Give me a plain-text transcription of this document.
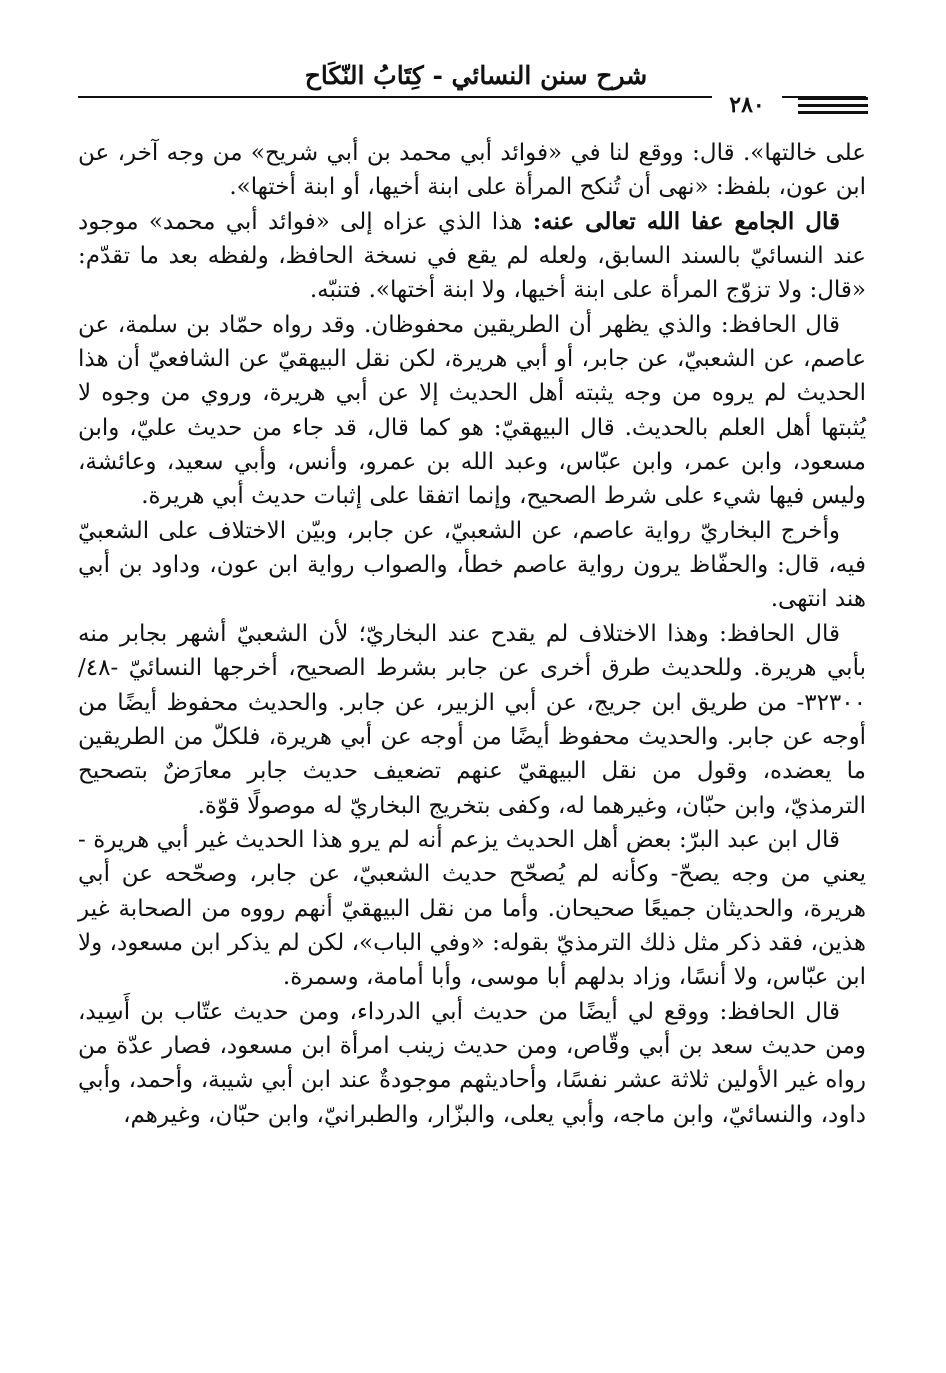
شرح سنن النسائي - كِتَابُ النّكَاح
٢٨٠

على خالتها». قال: ووقع لنا في «فوائد أبي محمد بن أبي شريح» من وجه آخر، عن ابن عون، بلفظ: «نهى أن تُنكح المرأة على ابنة أخيها، أو ابنة أختها».

قال الجامع عفا الله تعالى عنه: هذا الذي عزاه إلى «فوائد أبي محمد» موجود عند النسائيّ بالسند السابق، ولعله لم يقع في نسخة الحافظ، ولفظه بعد ما تقدّم: «قال: ولا تزوّج المرأة على ابنة أخيها، ولا ابنة أختها». فتنبّه.

قال الحافظ: والذي يظهر أن الطريقين محفوظان. وقد رواه حمّاد بن سلمة، عن عاصم، عن الشعبيّ، عن جابر، أو أبي هريرة، لكن نقل البيهقيّ عن الشافعيّ أن هذا الحديث لم يروه من وجه يثبته أهل الحديث إلا عن أبي هريرة، وروي من وجوه لا يُثبتها أهل العلم بالحديث. قال البيهقيّ: هو كما قال، قد جاء من حديث عليّ، وابن مسعود، وابن عمر، وابن عبّاس، وعبد الله بن عمرو، وأنس، وأبي سعيد، وعائشة، وليس فيها شيء على شرط الصحيح، وإنما اتفقا على إثبات حديث أبي هريرة.

وأخرج البخاريّ رواية عاصم، عن الشعبيّ، عن جابر، وبيّن الاختلاف على الشعبيّ فيه، قال: والحفّاظ يرون رواية عاصم خطأ، والصواب رواية ابن عون، وداود بن أبي هند انتهى.

قال الحافظ: وهذا الاختلاف لم يقدح عند البخاريّ؛ لأن الشعبيّ أشهر بجابر منه بأبي هريرة. وللحديث طرق أخرى عن جابر بشرط الصحيح، أخرجها النسائيّ -٤٨/ ٣٢٣٠٠- من طريق ابن جريج، عن أبي الزبير، عن جابر. والحديث محفوظ أيضًا من أوجه عن جابر. والحديث محفوظ أيضًا من أوجه عن أبي هريرة، فلكلّ من الطريقين ما يعضده، وقول من نقل البيهقيّ عنهم تضعيف حديث جابر معارَضٌ بتصحيح الترمذيّ، وابن حبّان، وغيرهما له، وكفى بتخريج البخاريّ له موصولًا قوّة.

قال ابن عبد البرّ: بعض أهل الحديث يزعم أنه لم يرو هذا الحديث غير أبي هريرة - يعني من وجه يصحّ- وكأنه لم يُصحّح حديث الشعبيّ، عن جابر، وصحّحه عن أبي هريرة، والحديثان جميعًا صحيحان. وأما من نقل البيهقيّ أنهم رووه من الصحابة غير هذين، فقد ذكر مثل ذلك الترمذيّ بقوله: «وفي الباب»، لكن لم يذكر ابن مسعود، ولا ابن عبّاس، ولا أنسًا، وزاد بدلهم أبا موسى، وأبا أمامة، وسمرة.

قال الحافظ: ووقع لي أيضًا من حديث أبي الدرداء، ومن حديث عتّاب بن أَسِيد، ومن حديث سعد بن أبي وقّاص، ومن حديث زينب امرأة ابن مسعود، فصار عدّة من رواه غير الأولين ثلاثة عشر نفسًا، وأحاديثهم موجودةٌ عند ابن أبي شيبة، وأحمد، وأبي داود، والنسائيّ، وابن ماجه، وأبي يعلى، والبزّار، والطبرانيّ، وابن حبّان، وغيرهم،
